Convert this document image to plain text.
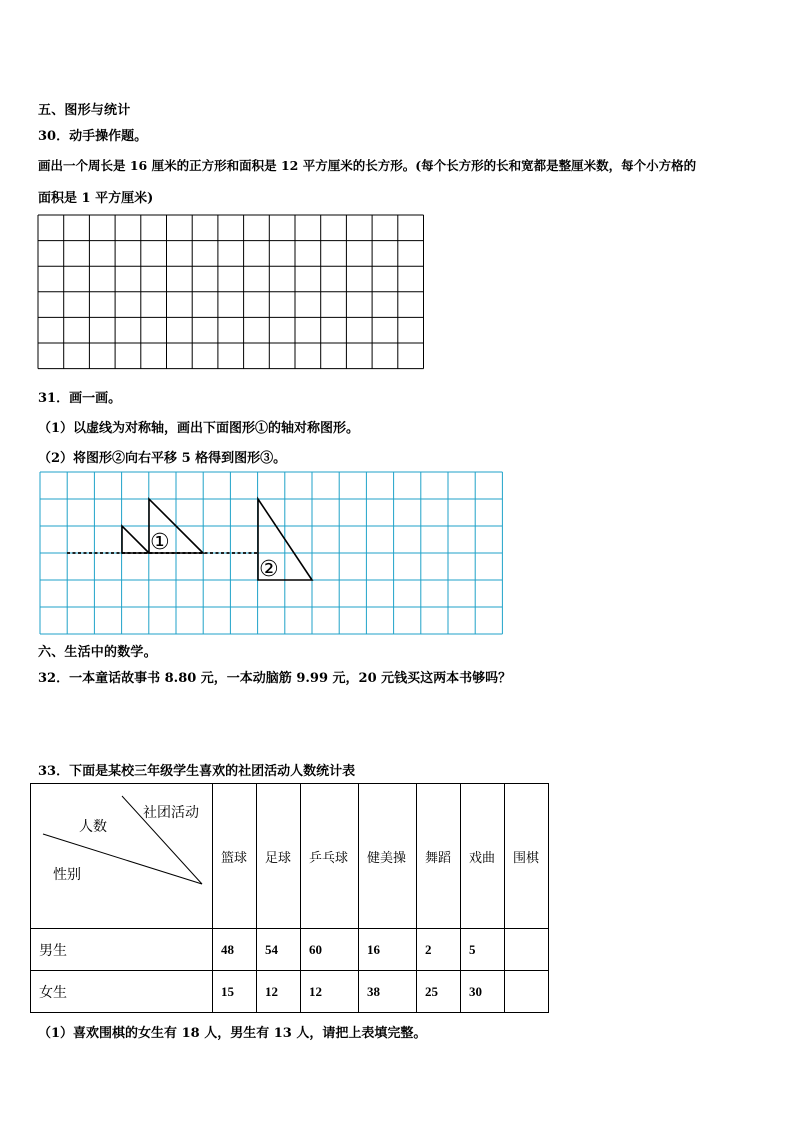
五、图形与统计
30．动手操作题。
画出一个周长是 16 厘米的正方形和面积是 12 平方厘米的长方形。(每个长方形的长和宽都是整厘米数，每个小方格的
面积是 1 平方厘米)
31．画一画。
（1）以虚线为对称轴，画出下面图形①的轴对称图形。
（2）将图形②向右平移 5 格得到图形③。
①
②
六、生活中的数学。
32．一本童话故事书 8.80 元，一本动脑筋 9.99 元，20 元钱买这两本书够吗？
33．下面是某校三年级学生喜欢的社团活动人数统计表
社团活动
人数
性别	篮球	足球	乒乓球	健美操	舞蹈	戏曲	围棋
男生	48	54	60	16	2	5	
女生	15	12	12	38	25	30	
（1）喜欢围棋的女生有 18 人，男生有 13 人，请把上表填完整。
